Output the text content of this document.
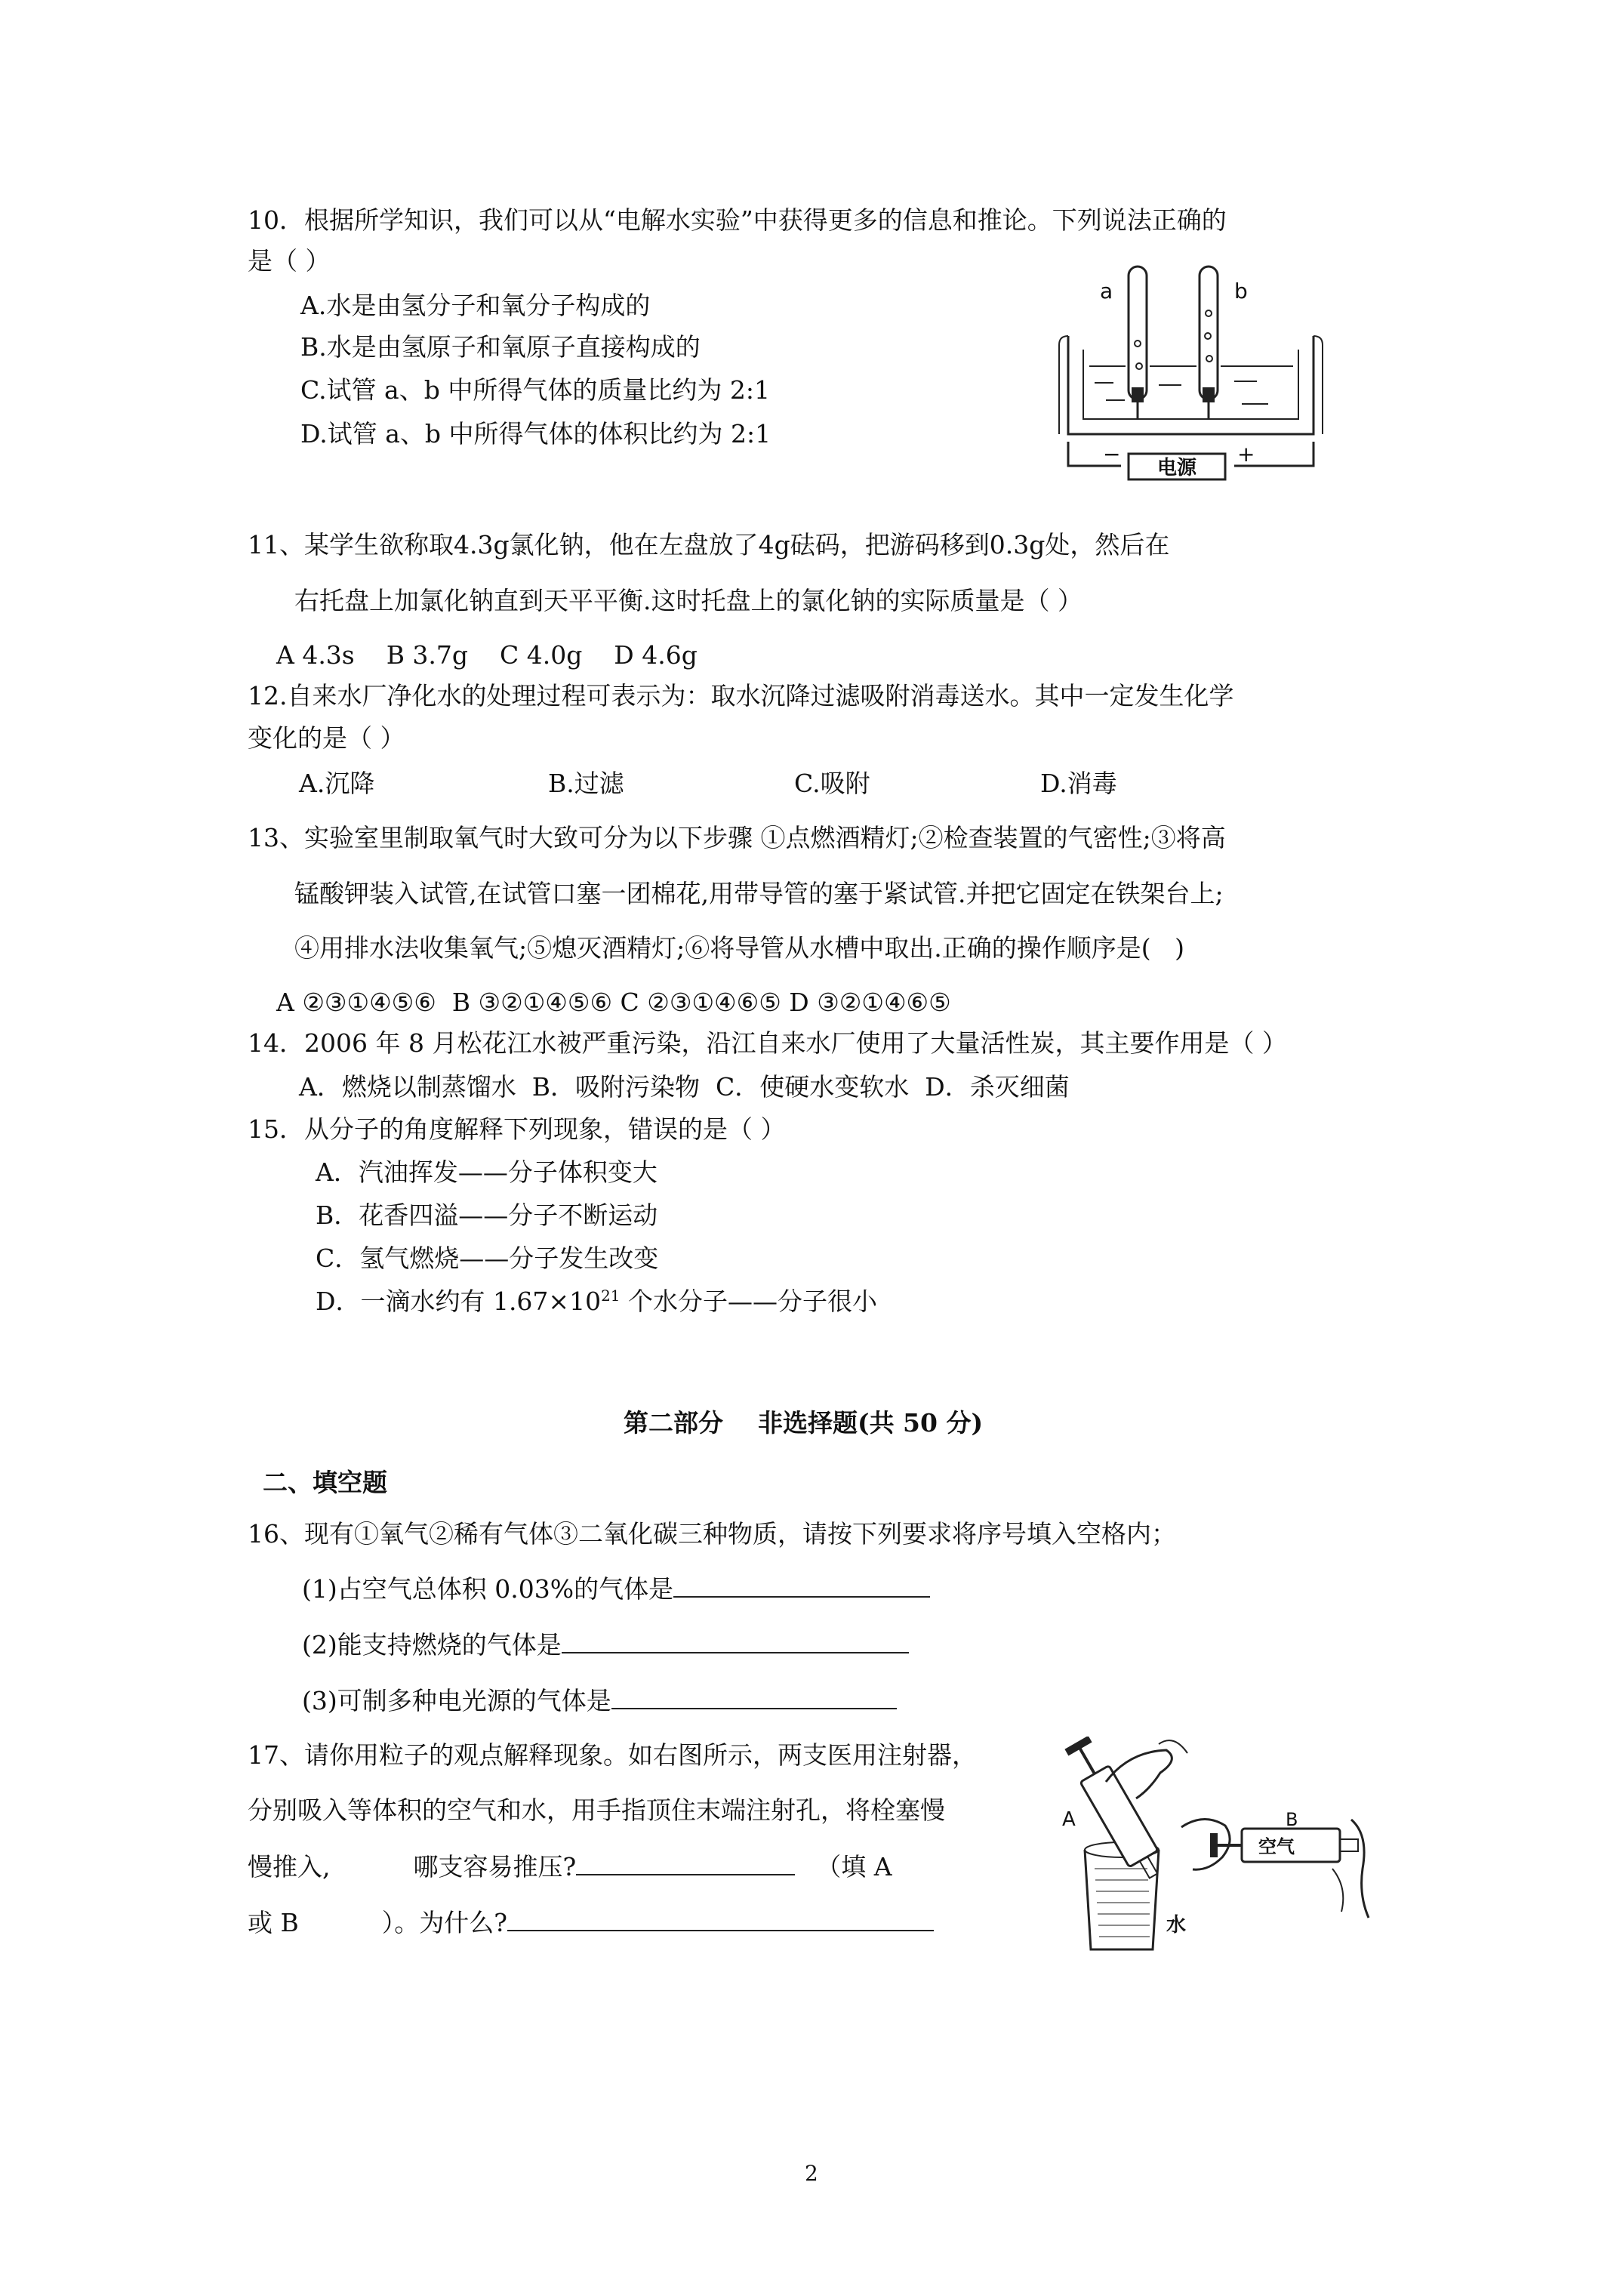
10．根据所学知识，我们可以从“电解水实验”中获得更多的信息和推论。下列说法正确的
是（ ）
A.水是由氢分子和氧分子构成的
B.水是由氢原子和氧原子直接构成的
C.试管 a、b 中所得气体的质量比约为 2:1
D.试管 a、b 中所得气体的体积比约为 2:1
电源
−	+
a	b
11、某学生欲称取4.3g氯化钠，他在左盘放了4g砝码，把游码移到0.3g处，然后在
右托盘上加氯化钠直到天平平衡.这时托盘上的氯化钠的实际质量是（ ）
A 4.3s    B 3.7g    C 4.0g    D 4.6g
12.自来水厂净化水的处理过程可表示为：取水沉降过滤吸附消毒送水。其中一定发生化学
变化的是（ ）
A.沉降	B.过滤	C.吸附	D.消毒
13、实验室里制取氧气时大致可分为以下步骤 ①点燃酒精灯;②检查装置的气密性;③将高
锰酸钾装入试管,在试管口塞一团棉花,用带导管的塞于紧试管.并把它固定在铁架台上;
④用排水法收集氧气;⑤熄灭酒精灯;⑥将导管从水槽中取出.正确的操作顺序是(   )
A ②③①④⑤⑥  B ③②①④⑤⑥ C ②③①④⑥⑤ D ③②①④⑥⑤
14．2006 年 8 月松花江水被严重污染，沿江自来水厂使用了大量活性炭，其主要作用是（ ）
A．燃烧以制蒸馏水  B．吸附污染物  C．使硬水变软水  D．杀灭细菌
15．从分子的角度解释下列现象，错误的是（ ）
A．汽油挥发——分子体积变大
B．花香四溢——分子不断运动
C．氢气燃烧——分子发生改变
D．一滴水约有 $1.67\times 10^{21}$ 个水分子——分子很小
第二部分    非选择题(共 50 分)
二、填空题
16、现有①氧气②稀有气体③二氧化碳三种物质，请按下列要求将序号填入空格内；
(1)占空气总体积 0.03%的气体是
(2)能支持燃烧的气体是
(3)可制多种电光源的气体是
17、请你用粒子的观点解释现象。如右图所示，两支医用注射器，
分别吸入等体积的空气和水，用手指顶住末端注射孔，将栓塞慢
慢推入,	哪支容易推压?	（填 A
或 B	）。为什么?
A
水
B
空气
2
